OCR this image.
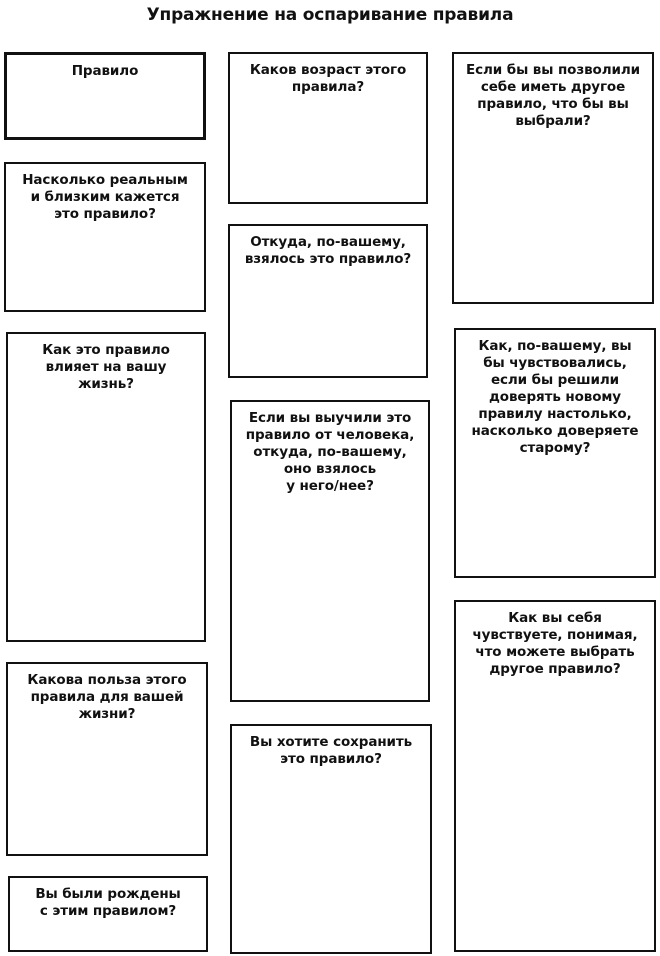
Упражнение на оспаривание правила
Правило
Насколько реальным
и близким кажется
это правило?
Как это правило
влияет на вашу
жизнь?
Какова польза этого
правила для вашей
жизни?
Вы были рождены
с этим правилом?
Каков возраст этого
правила?
Откуда, по-вашему,
взялось это правило?
Если вы выучили это
правило от человека,
откуда, по-вашему,
оно взялось
у него/нее?
Вы хотите сохранить
это правило?
Если бы вы позволили
себе иметь другое
правило, что бы вы
выбрали?
Как, по-вашему, вы
бы чувствовались,
если бы решили
доверять новому
правилу настолько,
насколько доверяете
старому?
Как вы себя
чувствуете, понимая,
что можете выбрать
другое правило?
